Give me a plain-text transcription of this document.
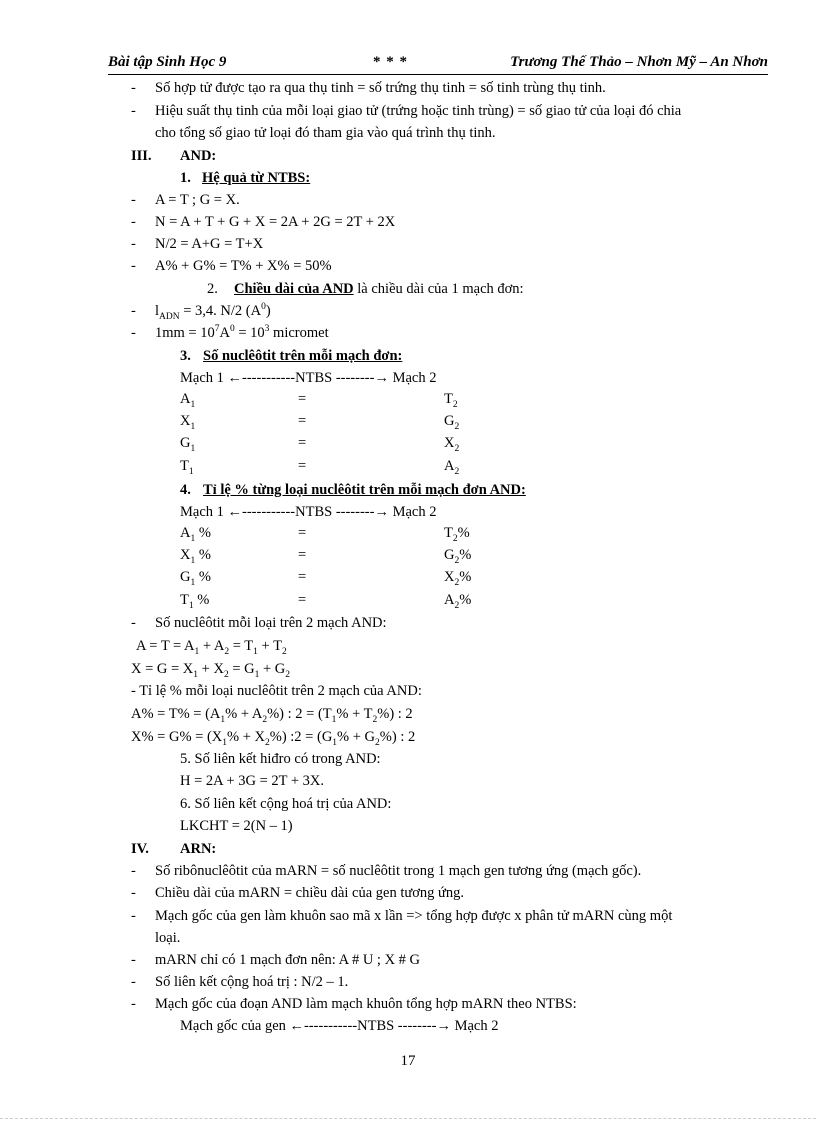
Bài tập Sinh Học 9	* * *	Trương Thế Thảo – Nhơn Mỹ – An Nhơn
- Số hợp tử được tạo ra qua thụ tinh = số trứng thụ tinh = số tinh trùng thụ tinh.
- Hiệu suất thụ tinh của mỗi loại giao tử (trứng hoặc tinh trùng) = số giao tử của loại đó chia
cho tổng số giao tử loại đó tham gia vào quá trình thụ tinh.
III. AND:
1. Hệ quả từ NTBS:
- A = T ; G = X.
- N = A + T + G + X = 2A + 2G = 2T + 2X
- N/2 = A+G = T+X
- A% + G% = T% + X% = 50%
2. Chiều dài của AND là chiều dài của 1 mạch đơn:
- $l_{ADN} = 3,4$. N/2 $(A^0)$
- $1mm = 10^7A^0 = 10^3$ micromet
3. Số nuclêôtit trên mỗi mạch đơn:
Mạch 1 ←-----------NTBS --------→ Mạch 2
$A_1$
$X_1$
$G_1$
$T_1$
=
=
=
=
$T_2$
$G_2$
$X_2$
$A_2$
4. Tỉ lệ % từng loại nuclêôtit trên mỗi mạch đơn AND:
Mạch 1 ←-----------NTBS --------→ Mạch 2
$A_1$ %
$X_1$ %
$G_1$ %
$T_1$ %
=
=
=
=
$T_2\%$
$G_2\%$
$X_2\%$
$A_2\%$
- Số nuclêôtit mỗi loại trên 2 mạch AND:
$A = T = A_1 + A_2 = T_1 + T_2$
$X = G = X_1 + X_2 = G_1 + G_2$
- Tỉ lệ % mỗi loại nuclêôtit trên 2 mạch của AND:
$A\% = T\% = (A_1\% + A_2\%)$ : $2 = (T_1\% + T_2\%)$ : 2
$X\% = G\% = (X_1\% + X_2\%)$ :2 = $(G_1\% + G_2\%)$ : 2
5. Số liên kết hiđro có trong AND:
H = 2A + 3G = 2T + 3X.
6. Số liên kết cộng hoá trị của AND:
LKCHT = 2(N – 1)
IV. ARN:
- Số ribônuclêôtit của mARN = số nuclêôtit trong 1 mạch gen tương ứng (mạch gốc).
- Chiều dài của mARN = chiều dài của gen tương ứng.
- Mạch gốc của gen làm khuôn sao mã x lần => tổng hợp được x phân tử mARN cùng một
loại.
- mARN chỉ có 1 mạch đơn nên: A # U ; X # G
- Số liên kết cộng hoá trị : N/2 – 1.
- Mạch gốc của đoạn AND làm mạch khuôn tổng hợp mARN theo NTBS:
Mạch gốc của gen ←-----------NTBS --------→ Mạch 2
17
